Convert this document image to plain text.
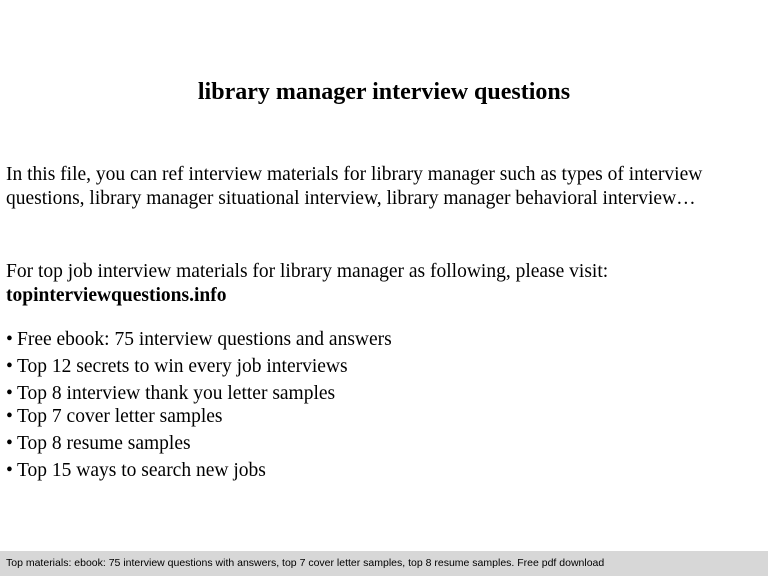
library manager interview questions

In this file, you can ref interview materials for library manager such as types of interview questions, library manager situational interview, library manager behavioral interview…

For top job interview materials for library manager as following, please visit:

topinterviewquestions.info

• Free ebook: 75 interview questions and answers
• Top 12 secrets to win every job interviews
• Top 8 interview thank you letter samples
• Top 7 cover letter samples
• Top 8 resume samples
• Top 15 ways to search new jobs
Top materials: ebook: 75 interview questions with answers, top 7 cover letter samples, top 8 resume samples. Free pdf download
